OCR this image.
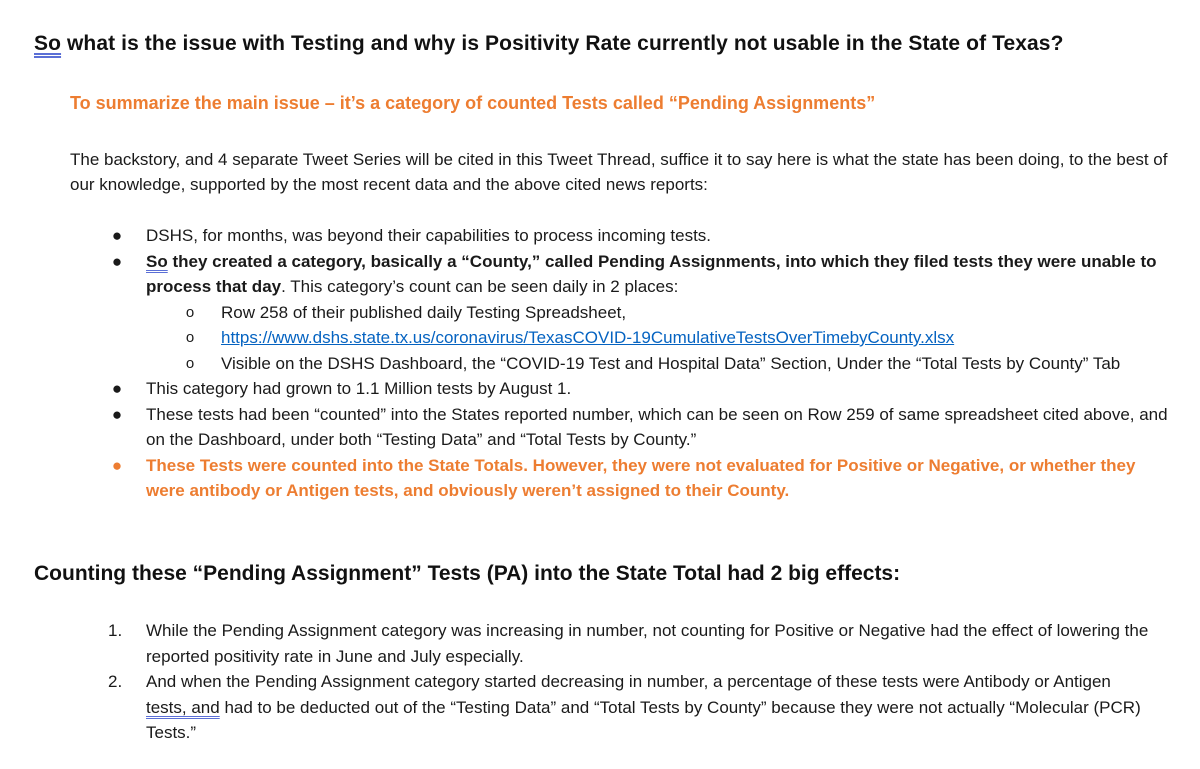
So what is the issue with Testing and why is Positivity Rate currently not usable in the State of Texas?
To summarize the main issue – it’s a category of counted Tests called “Pending Assignments”
The backstory, and 4 separate Tweet Series will be cited in this Tweet Thread, suffice it to say here is what the state has been doing, to the best of our knowledge, supported by the most recent data and the above cited news reports:
● DSHS, for months, was beyond their capabilities to process incoming tests.
● So they created a category, basically a “County,” called Pending Assignments, into which they filed tests they were unable to process that day. This category’s count can be seen daily in 2 places:
o Row 258 of their published daily Testing Spreadsheet,
o https://www.dshs.state.tx.us/coronavirus/TexasCOVID-19CumulativeTestsOverTimebyCounty.xlsx
o Visible on the DSHS Dashboard, the “COVID-19 Test and Hospital Data” Section, Under the “Total Tests by County” Tab
● This category had grown to 1.1 Million tests by August 1.
● These tests had been “counted” into the States reported number, which can be seen on Row 259 of same spreadsheet cited above, and on the Dashboard, under both “Testing Data” and “Total Tests by County.”
● These Tests were counted into the State Totals. However, they were not evaluated for Positive or Negative, or whether they were antibody or Antigen tests, and obviously weren’t assigned to their County.
Counting these “Pending Assignment” Tests (PA) into the State Total had 2 big effects:
1. While the Pending Assignment category was increasing in number, not counting for Positive or Negative had the effect of lowering the reported positivity rate in June and July especially.
2. And when the Pending Assignment category started decreasing in number, a percentage of these tests were Antibody or Antigen tests, and had to be deducted out of the “Testing Data” and “Total Tests by County” because they were not actually “Molecular (PCR) Tests.”
